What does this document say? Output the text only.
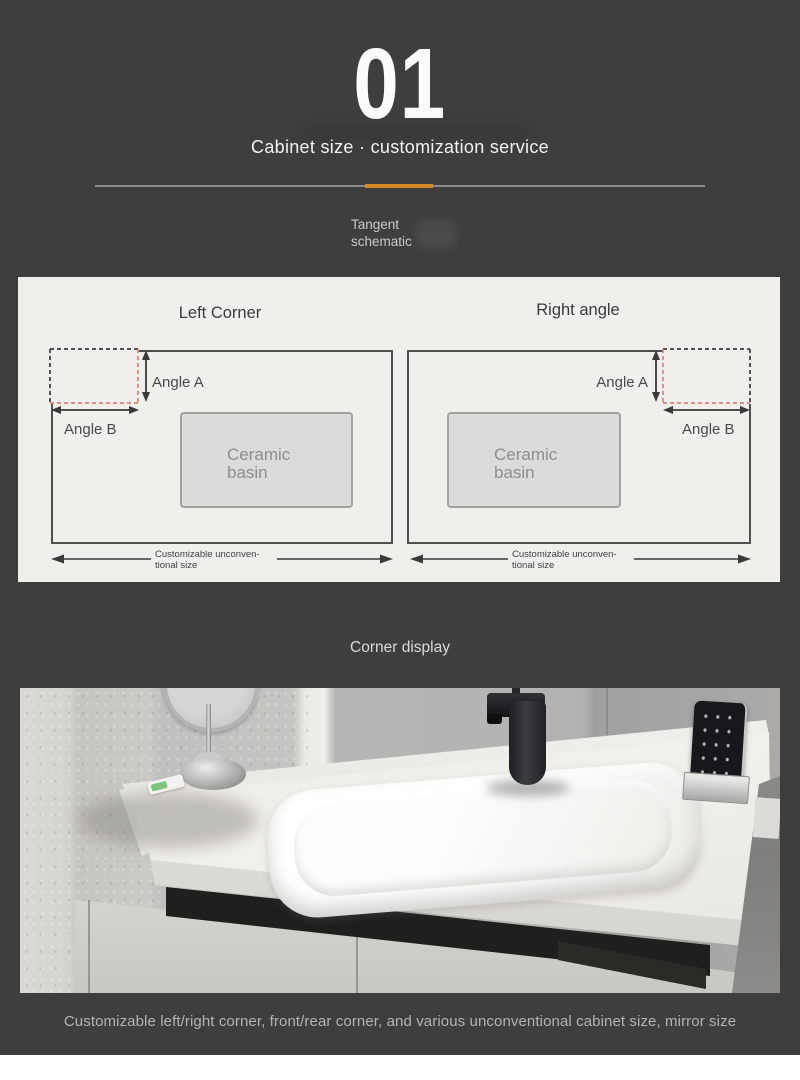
01
Cabinet size · customization service
Tangent
schematic
Left Corner
Angle A
Angle B
Ceramic
basin
Customizable unconven-
tional size
Right angle
Angle A
Angle B
Ceramic
basin
Customizable unconven-
tional size
Corner display
Customizable left/right corner, front/rear corner, and various unconventional cabinet size, mirror size
